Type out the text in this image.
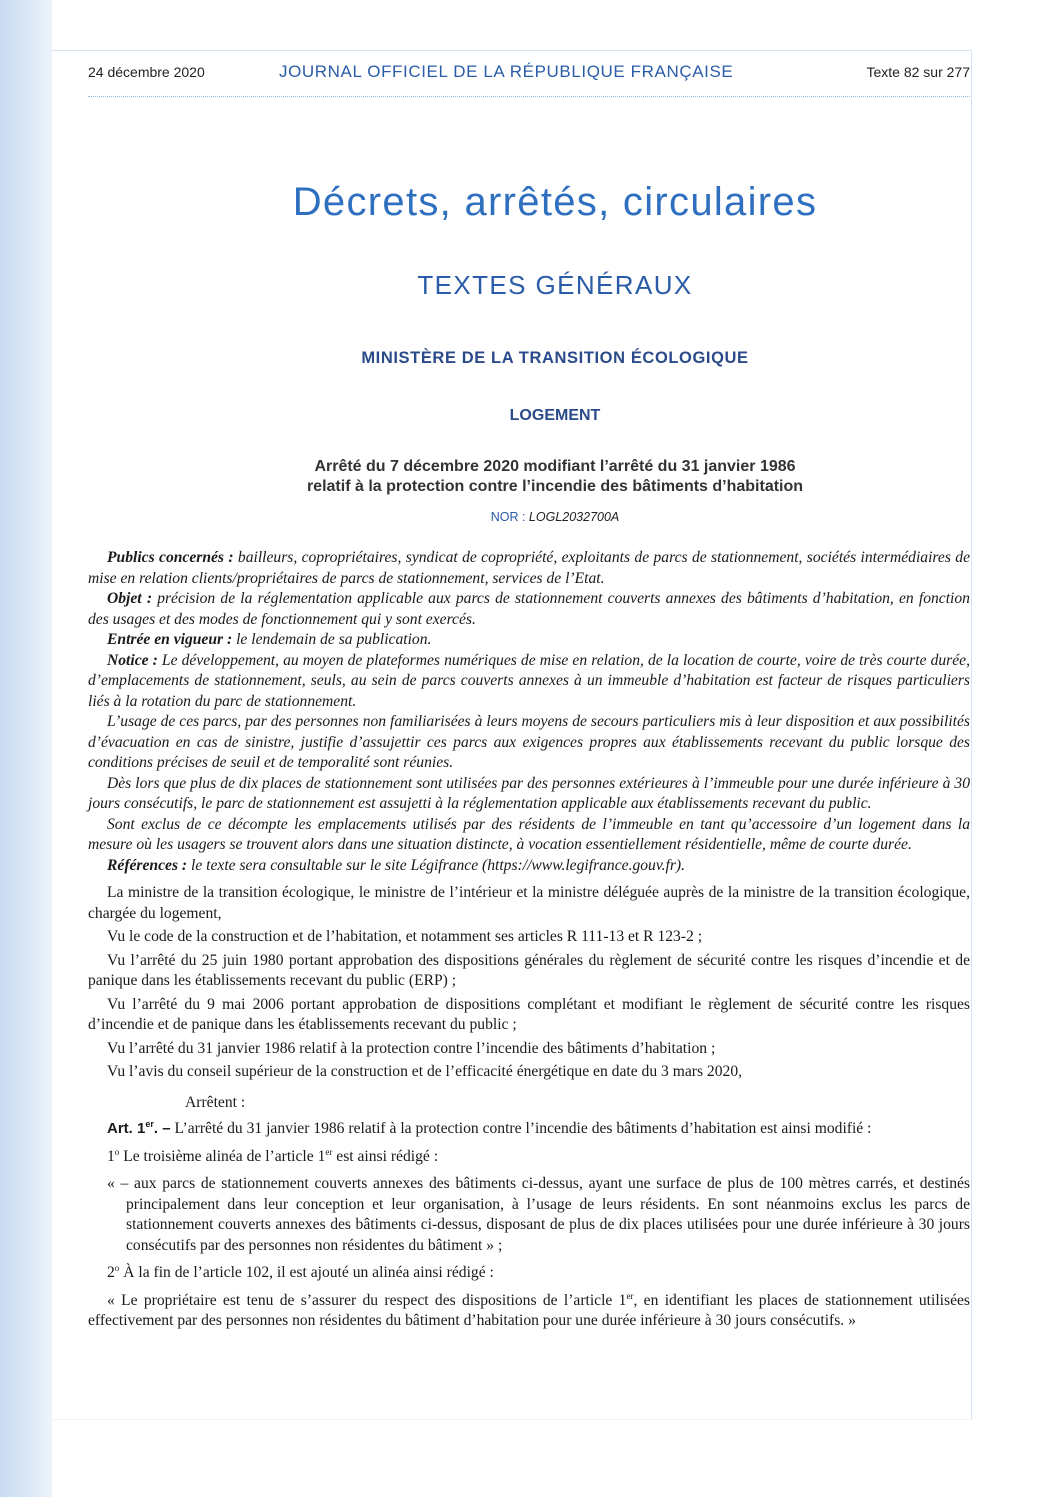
24 décembre 2020	JOURNAL OFFICIEL DE LA RÉPUBLIQUE FRANÇAISE	Texte 82 sur 277
Décrets, arrêtés, circulaires
TEXTES GÉNÉRAUX
MINISTÈRE DE LA TRANSITION ÉCOLOGIQUE
LOGEMENT
Arrêté du 7 décembre 2020 modifiant l’arrêté du 31 janvier 1986
relatif à la protection contre l’incendie des bâtiments d’habitation
NOR : LOGL2032700A

Publics concernés : bailleurs, copropriétaires, syndicat de copropriété, exploitants de parcs de stationnement, sociétés intermédiaires de mise en relation clients/propriétaires de parcs de stationnement, services de l’Etat.

Objet : précision de la réglementation applicable aux parcs de stationnement couverts annexes des bâtiments d’habitation, en fonction des usages et des modes de fonctionnement qui y sont exercés.

Entrée en vigueur : le lendemain de sa publication.

Notice : Le développement, au moyen de plateformes numériques de mise en relation, de la location de courte, voire de très courte durée, d’emplacements de stationnement, seuls, au sein de parcs couverts annexes à un immeuble d’habitation est facteur de risques particuliers liés à la rotation du parc de stationnement.

L’usage de ces parcs, par des personnes non familiarisées à leurs moyens de secours particuliers mis à leur disposition et aux possibilités d’évacuation en cas de sinistre, justifie d’assujettir ces parcs aux exigences propres aux établissements recevant du public lorsque des conditions précises de seuil et de temporalité sont réunies.

Dès lors que plus de dix places de stationnement sont utilisées par des personnes extérieures à l’immeuble pour une durée inférieure à 30 jours consécutifs, le parc de stationnement est assujetti à la réglementation applicable aux établissements recevant du public.

Sont exclus de ce décompte les emplacements utilisés par des résidents de l’immeuble en tant qu’accessoire d’un logement dans la mesure où les usagers se trouvent alors dans une situation distincte, à vocation essentiellement résidentielle, même de courte durée.

Références : le texte sera consultable sur le site Légifrance (https://www.legifrance.gouv.fr).

La ministre de la transition écologique, le ministre de l’intérieur et la ministre déléguée auprès de la ministre de la transition écologique, chargée du logement,

Vu le code de la construction et de l’habitation, et notamment ses articles R 111-13 et R 123-2 ;

Vu l’arrêté du 25 juin 1980 portant approbation des dispositions générales du règlement de sécurité contre les risques d’incendie et de panique dans les établissements recevant du public (ERP) ;

Vu l’arrêté du 9 mai 2006 portant approbation de dispositions complétant et modifiant le règlement de sécurité contre les risques d’incendie et de panique dans les établissements recevant du public ;

Vu l’arrêté du 31 janvier 1986 relatif à la protection contre l’incendie des bâtiments d’habitation ;

Vu l’avis du conseil supérieur de la construction et de l’efficacité énergétique en date du 3 mars 2020,

Arrêtent :

Art. 1er. – L’arrêté du 31 janvier 1986 relatif à la protection contre l’incendie des bâtiments d’habitation est ainsi modifié :

1$^o$ Le troisième alinéa de l’article 1er est ainsi rédigé :

« – aux parcs de stationnement couverts annexes des bâtiments ci-dessus, ayant une surface de plus de 100 mètres carrés, et destinés principalement dans leur conception et leur organisation, à l’usage de leurs résidents. En sont néanmoins exclus les parcs de stationnement couverts annexes des bâtiments ci-dessus, disposant de plus de dix places utilisées pour une durée inférieure à 30 jours consécutifs par des personnes non résidentes du bâtiment » ;

2$^o$ À la fin de l’article 102, il est ajouté un alinéa ainsi rédigé :

« Le propriétaire est tenu de s’assurer du respect des dispositions de l’article 1er, en identifiant les places de stationnement utilisées effectivement par des personnes non résidentes du bâtiment d’habitation pour une durée inférieure à 30 jours consécutifs. »
